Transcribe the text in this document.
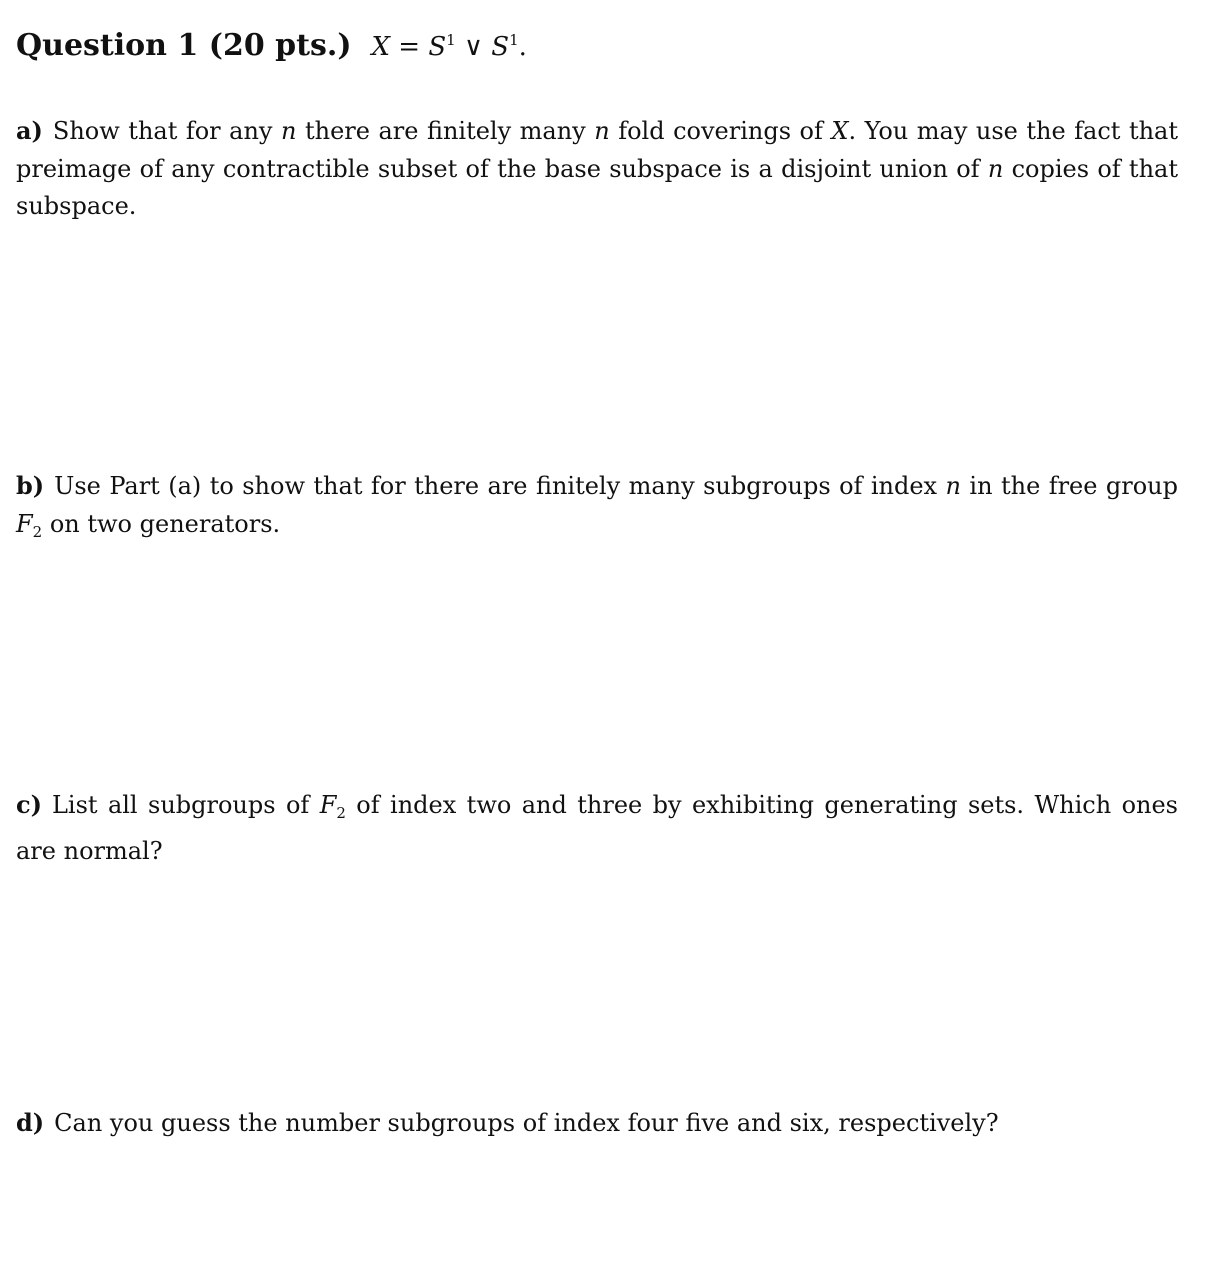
Question 1 (20 pts.) $X = S^1$ ∨ $S^1$.
a) Show that for any n there are finitely many n fold coverings of X. You may use the fact that preimage of any contractible subset of the base subspace is a disjoint union of n copies of that subspace.
b) Use Part (a) to show that for there are finitely many subgroups of index n in the free group $F_2$ on two generators.
c) List all subgroups of $F_2$ of index two and three by exhibiting generating sets. Which ones are normal?
d) Can you guess the number subgroups of index four five and six, respectively?
